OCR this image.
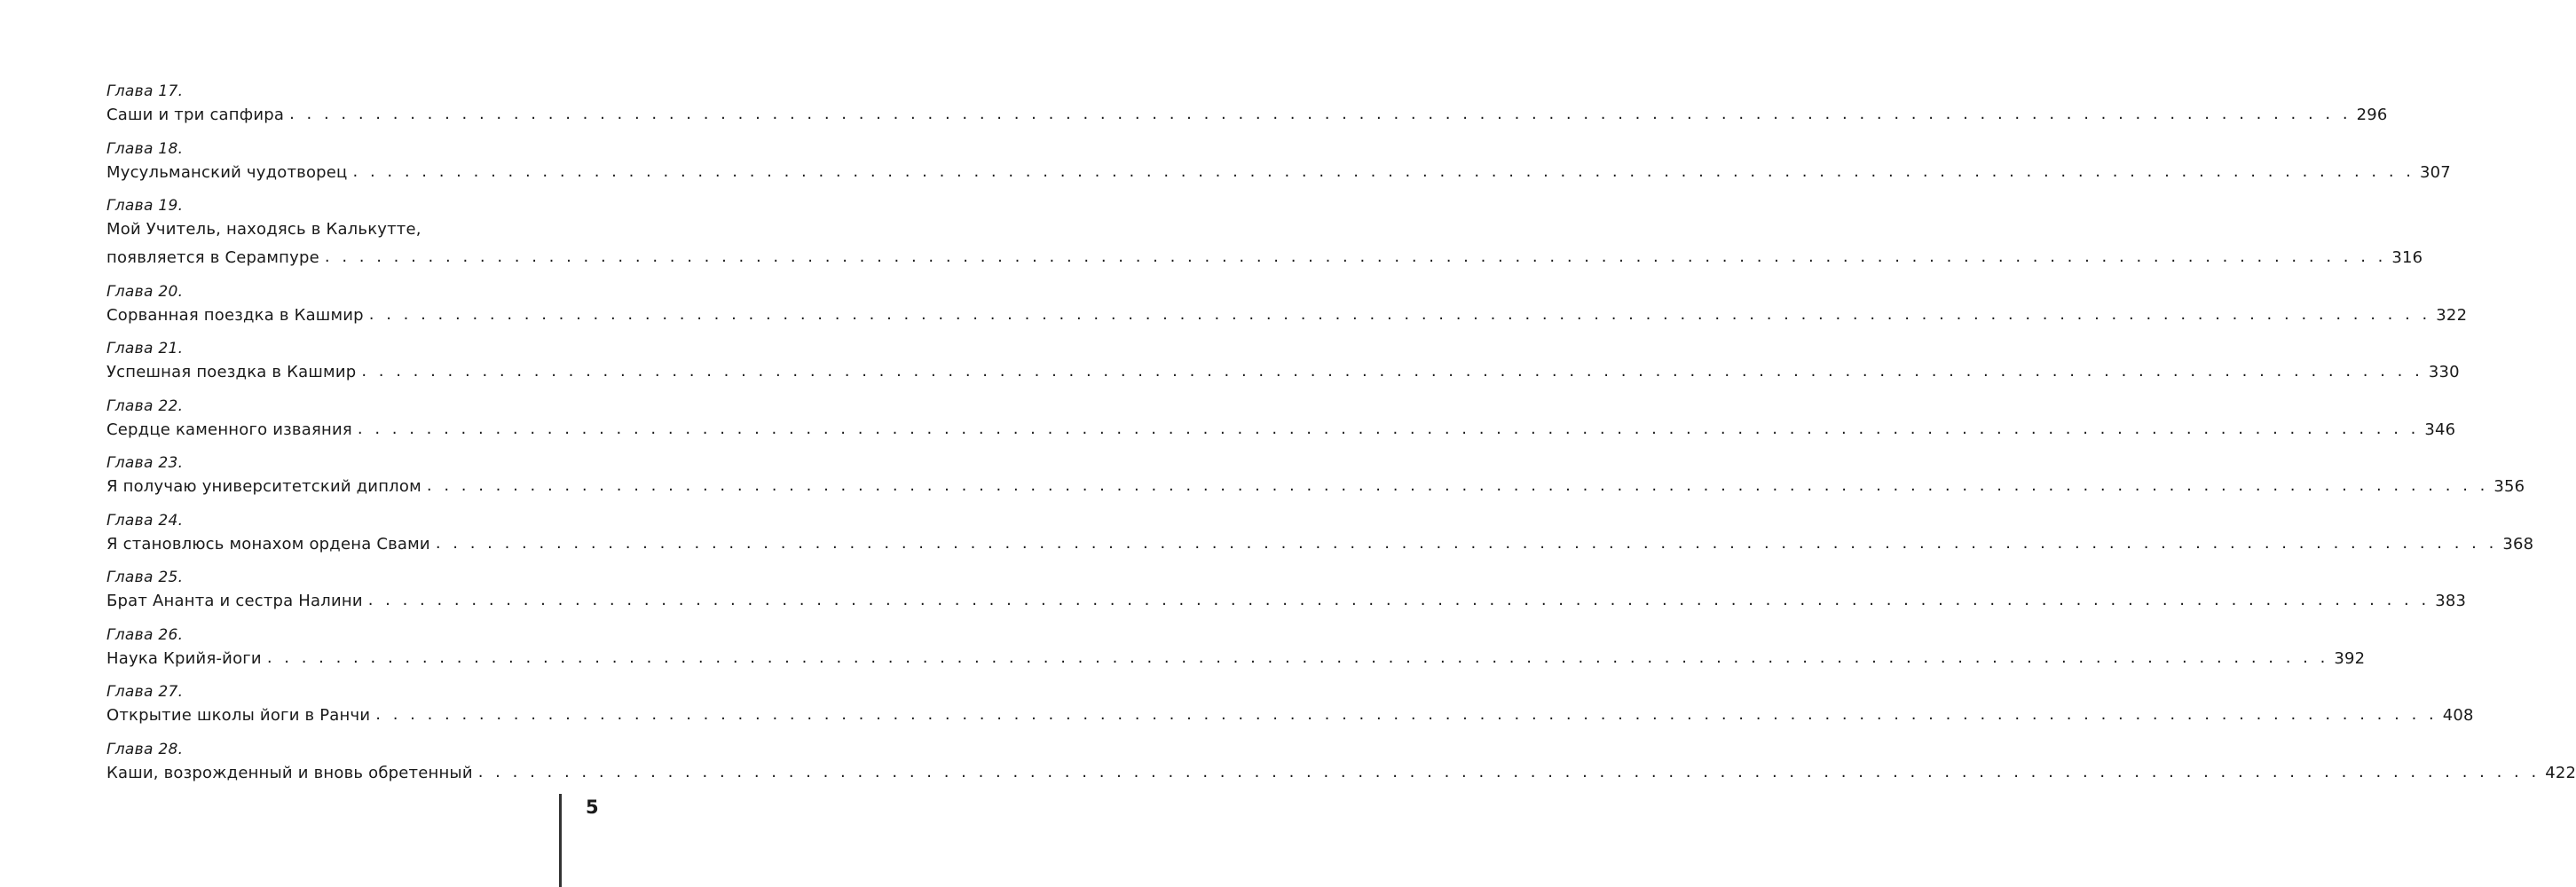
Глава 17.
Саши и три сапфира . . . . . . . . . . . . . . . . . . . . . . . . . . . . . . . . . . . . . . . . . . . . . . . . . . . . . . . . . . . . . . . . . . . . . . . . . . . . . . . . . . . . . . . . . . . . . . . . . . . . . . . . . . . . . . . . . . . . . . . . 296
Глава 18.
Мусульманский чудотворец . . . . . . . . . . . . . . . . . . . . . . . . . . . . . . . . . . . . . . . . . . . . . . . . . . . . . . . . . . . . . . . . . . . . . . . . . . . . . . . . . . . . . . . . . . . . . . . . . . . . . . . . . . . . . . . . . . . . . . . . 307
Глава 19.
Мой Учитель, находясь в Калькутте,
появляется в Серампуре . . . . . . . . . . . . . . . . . . . . . . . . . . . . . . . . . . . . . . . . . . . . . . . . . . . . . . . . . . . . . . . . . . . . . . . . . . . . . . . . . . . . . . . . . . . . . . . . . . . . . . . . . . . . . . . . . . . . . . . . 316
Глава 20.
Сорванная поездка в Кашмир . . . . . . . . . . . . . . . . . . . . . . . . . . . . . . . . . . . . . . . . . . . . . . . . . . . . . . . . . . . . . . . . . . . . . . . . . . . . . . . . . . . . . . . . . . . . . . . . . . . . . . . . . . . . . . . . . . . . . . . . 322
Глава 21.
Успешная поездка в Кашмир . . . . . . . . . . . . . . . . . . . . . . . . . . . . . . . . . . . . . . . . . . . . . . . . . . . . . . . . . . . . . . . . . . . . . . . . . . . . . . . . . . . . . . . . . . . . . . . . . . . . . . . . . . . . . . . . . . . . . . . . 330
Глава 22.
Сердце каменного изваяния . . . . . . . . . . . . . . . . . . . . . . . . . . . . . . . . . . . . . . . . . . . . . . . . . . . . . . . . . . . . . . . . . . . . . . . . . . . . . . . . . . . . . . . . . . . . . . . . . . . . . . . . . . . . . . . . . . . . . . . . 346
Глава 23.
Я получаю университетский диплом . . . . . . . . . . . . . . . . . . . . . . . . . . . . . . . . . . . . . . . . . . . . . . . . . . . . . . . . . . . . . . . . . . . . . . . . . . . . . . . . . . . . . . . . . . . . . . . . . . . . . . . . . . . . . . . . . . . . . . . . 356
Глава 24.
Я становлюсь монахом ордена Свами . . . . . . . . . . . . . . . . . . . . . . . . . . . . . . . . . . . . . . . . . . . . . . . . . . . . . . . . . . . . . . . . . . . . . . . . . . . . . . . . . . . . . . . . . . . . . . . . . . . . . . . . . . . . . . . . . . . . . . . . 368
Глава 25.
Брат Ананта и сестра Налини . . . . . . . . . . . . . . . . . . . . . . . . . . . . . . . . . . . . . . . . . . . . . . . . . . . . . . . . . . . . . . . . . . . . . . . . . . . . . . . . . . . . . . . . . . . . . . . . . . . . . . . . . . . . . . . . . . . . . . . . 383
Глава 26.
Наука Крийя-йоги . . . . . . . . . . . . . . . . . . . . . . . . . . . . . . . . . . . . . . . . . . . . . . . . . . . . . . . . . . . . . . . . . . . . . . . . . . . . . . . . . . . . . . . . . . . . . . . . . . . . . . . . . . . . . . . . . . . . . . . . 392
Глава 27.
Открытие школы йоги в Ранчи . . . . . . . . . . . . . . . . . . . . . . . . . . . . . . . . . . . . . . . . . . . . . . . . . . . . . . . . . . . . . . . . . . . . . . . . . . . . . . . . . . . . . . . . . . . . . . . . . . . . . . . . . . . . . . . . . . . . . . . . 408
Глава 28.
Каши, возрожденный и вновь обретенный . . . . . . . . . . . . . . . . . . . . . . . . . . . . . . . . . . . . . . . . . . . . . . . . . . . . . . . . . . . . . . . . . . . . . . . . . . . . . . . . . . . . . . . . . . . . . . . . . . . . . . . . . . . . . . . . . . . . . . . . 422
5
